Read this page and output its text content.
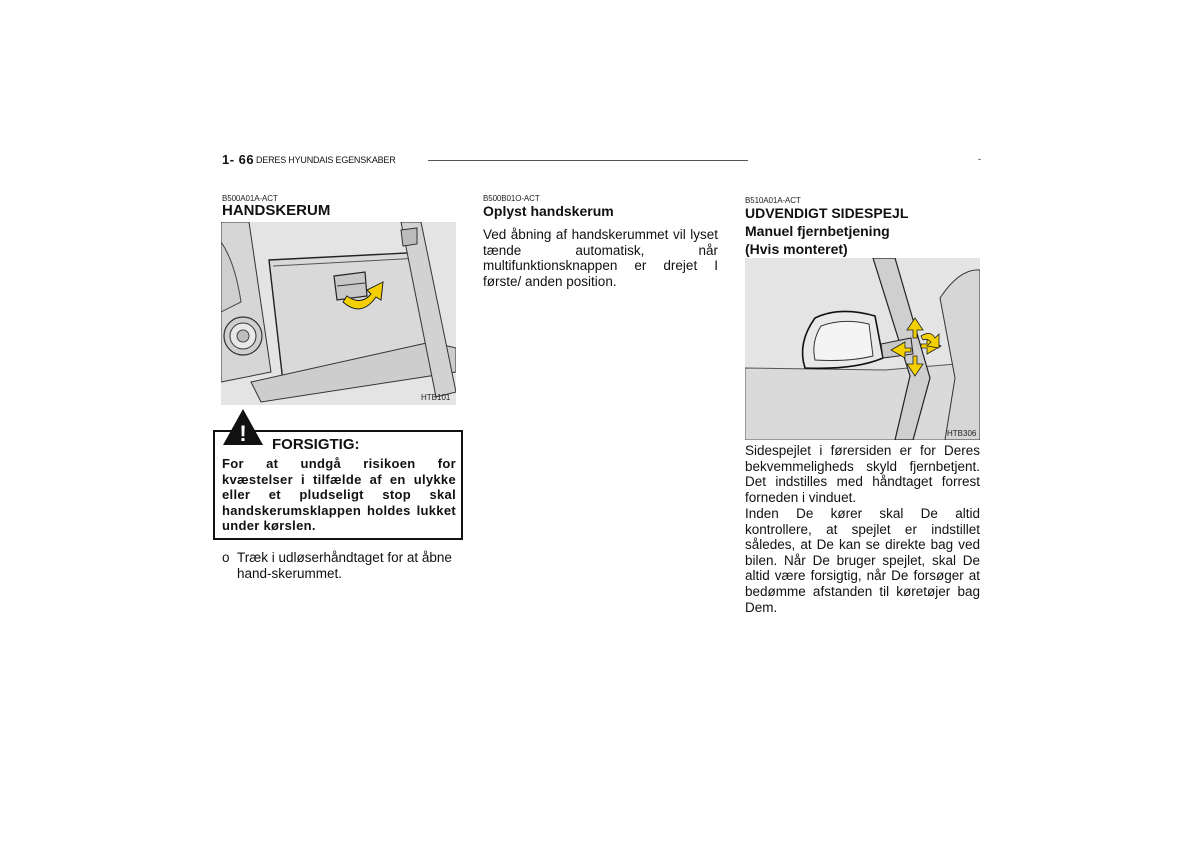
1- 66 DERES HYUNDAIS EGENSKABER	-
B500A01A-ACT
HANDSKERUM
HTB101
! FORSIGTIG:
For at undgå risikoen for kvæstelser i tilfælde af en ulykke eller et pludseligt stop skal handskerumsklappen holdes lukket under kørslen.
o Træk i udløserhåndtaget for at åbne hand-skerummet.
B500B01O-ACT
Oplyst handskerum
Ved åbning af handskerummet vil lyset tænde automatisk, når multifunktionsknappen er drejet I første/ anden position.
B510A01A-ACT
UDVENDIGT SIDESPEJL
Manuel fjernbetjening
(Hvis monteret)
HTB306
Sidespejlet i førersiden er for Deres bekvemmeligheds skyld fjernbetjent. Det indstilles med håndtaget forrest forneden i vinduet.
Inden De kører skal De altid kontrollere, at spejlet er indstillet således, at De kan se direkte bag ved bilen. Når De bruger spejlet, skal De altid være forsigtig, når De forsøger at bedømme afstanden til køretøjer bag Dem.
